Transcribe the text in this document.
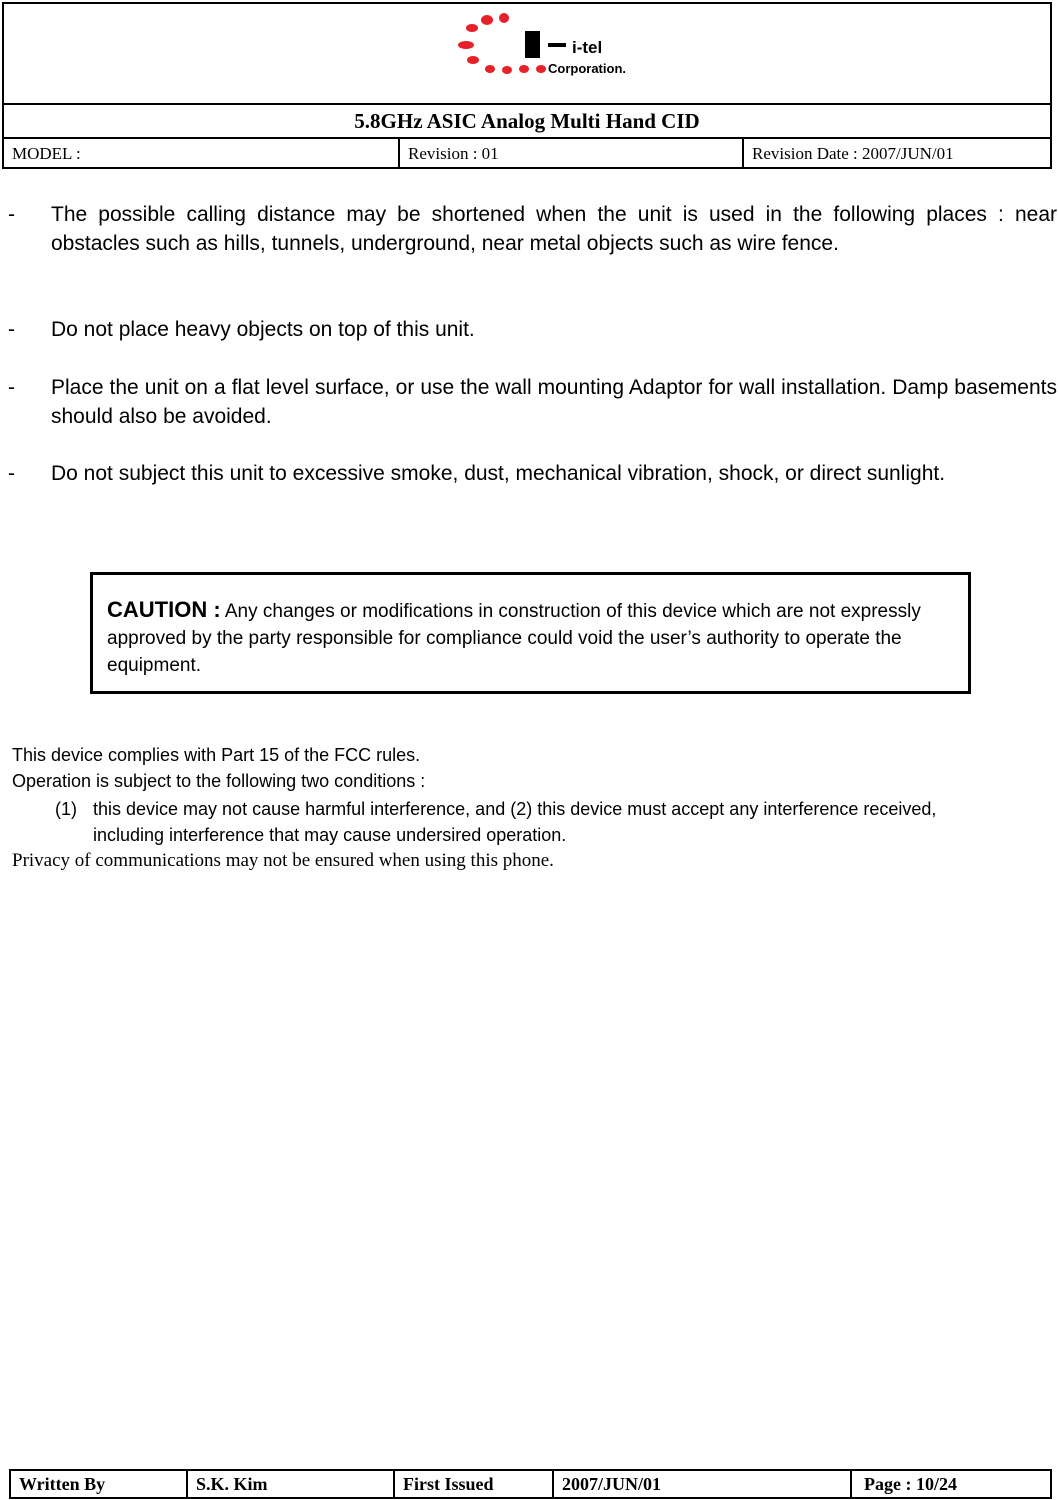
i-tel
Corporation.
5.8GHz ASIC Analog Multi Hand CID
MODEL :	Revision : 01	Revision Date : 2007/JUN/01
- The possible calling distance may be shortened when the unit is used in the following places : near obstacles such as hills, tunnels, underground, near metal objects such as wire fence.
- Do not place heavy objects on top of this unit.
- Place the unit on a flat level surface, or use the wall mounting Adaptor for wall installation. Damp basements should also be avoided.
- Do not subject this unit to excessive smoke, dust, mechanical vibration, shock, or direct sunlight.
CAUTION : Any changes or modifications in construction of this device which are not expressly approved by the party responsible for compliance could void the user’s authority to operate the equipment.
This device complies with Part 15 of the FCC rules.
Operation is subject to the following two conditions :
(1) this device may not cause harmful interference, and (2) this device must accept any interference received, including interference that may cause undersired operation.
Privacy of communications may not be ensured when using this phone.
Written By	S.K. Kim	First Issued	2007/JUN/01	Page : 10/24
